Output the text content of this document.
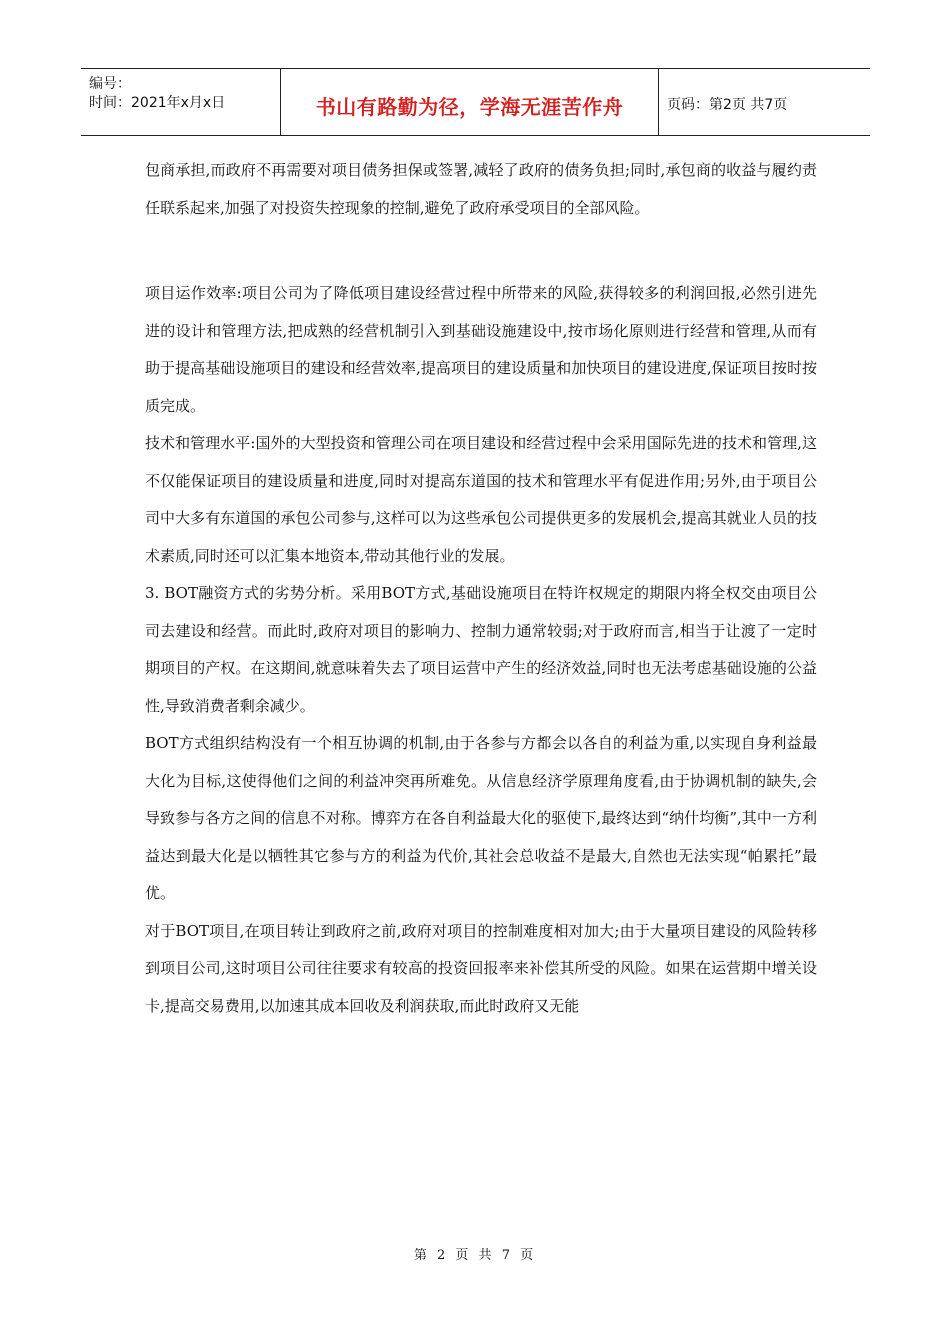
编号：
时间：2021年x月x日	书山有路勤为径，学海无涯苦作舟	页码：第2页 共7页

包商承担,而政府不再需要对项目债务担保或签署,减轻了政府的债务负担;同时,承包商的收益与履约责任联系起来,加强了对投资失控现象的控制,避免了政府承受项目的全部风险。

项目运作效率:项目公司为了降低项目建设经营过程中所带来的风险,获得较多的利润回报,必然引进先进的设计和管理方法,把成熟的经营机制引入到基础设施建设中,按市场化原则进行经营和管理,从而有助于提高基础设施项目的建设和经营效率,提高项目的建设质量和加快项目的建设进度,保证项目按时按质完成。

技术和管理水平:国外的大型投资和管理公司在项目建设和经营过程中会采用国际先进的技术和管理,这不仅能保证项目的建设质量和进度,同时对提高东道国的技术和管理水平有促进作用;另外,由于项目公司中大多有东道国的承包公司参与,这样可以为这些承包公司提供更多的发展机会,提高其就业人员的技术素质,同时还可以汇集本地资本,带动其他行业的发展。

3. BOT融资方式的劣势分析。采用BOT方式,基础设施项目在特许权规定的期限内将全权交由项目公司去建设和经营。而此时,政府对项目的影响力、控制力通常较弱;对于政府而言,相当于让渡了一定时期项目的产权。在这期间,就意味着失去了项目运营中产生的经济效益,同时也无法考虑基础设施的公益性,导致消费者剩余减少。

BOT方式组织结构没有一个相互协调的机制,由于各参与方都会以各自的利益为重,以实现自身利益最大化为目标,这使得他们之间的利益冲突再所难免。从信息经济学原理角度看,由于协调机制的缺失,会导致参与各方之间的信息不对称。博弈方在各自利益最大化的驱使下,最终达到“纳什均衡”,其中一方利益达到最大化是以牺牲其它参与方的利益为代价,其社会总收益不是最大,自然也无法实现“帕累托”最优。

对于BOT项目,在项目转让到政府之前,政府对项目的控制难度相对加大;由于大量项目建设的风险转移到项目公司,这时项目公司往往要求有较高的投资回报率来补偿其所受的风险。如果在运营期中增关设卡,提高交易费用,以加速其成本回收及利润获取,而此时政府又无能

第 2 页 共 7 页
